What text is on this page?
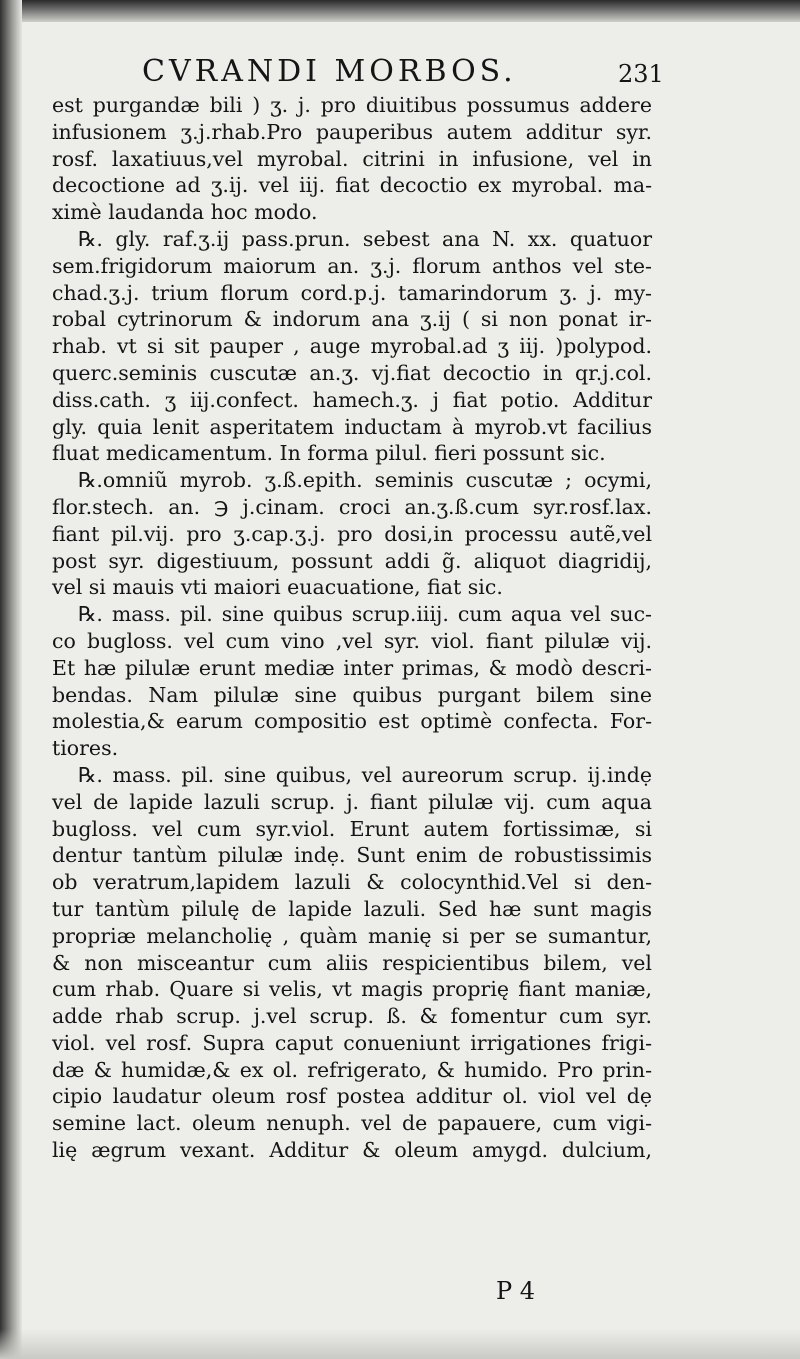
CVRANDI MORBOS.	231
est purgandæ bili ) ʒ. j. pro diuitibus possumus addere
infusionem ʒ.j.rhab.Pro pauperibus autem additur syr.
rosf. laxatiuus,vel myrobal. citrini in infusione, vel in
decoctione ad ʒ.ij. vel iij. fiat decoctio ex myrobal. ma-
ximè laudanda hoc modo.
℞. gly. raf.ʒ.ij pass.prun. sebest ana N. xx. quatuor
sem.frigidorum maiorum an. ʒ.j. florum anthos vel ste-
chad.ʒ.j. trium florum cord.p.j. tamarindorum ʒ. j. my-
robal cytrinorum & indorum ana ʒ.ij ( si non ponat ir-
rhab. vt si sit pauper , auge myrobal.ad ʒ iij. )polypod.
querc.seminis cuscutæ an.ʒ. vj.fiat decoctio in qr.j.col.
diss.cath. ʒ iij.confect. hamech.ʒ. j fiat potio. Additur
gly. quia lenit asperitatem inductam à myrob.vt facilius
fluat medicamentum. In forma pilul. fieri possunt sic.
℞.omniũ myrob. ʒ.ß.epith. seminis cuscutæ ; ocymi,
flor.stech. an. ℈ j.cinam. croci an.ʒ.ß.cum syr.rosf.lax.
fiant pil.vij. pro ʒ.cap.ʒ.j. pro dosi,in processu autẽ,vel
post syr. digestiuum, possunt addi g̃. aliquot diagridij,
vel si mauis vti maiori euacuatione, fiat sic.
℞. mass. pil. sine quibus scrup.iiij. cum aqua vel suc-
co bugloss. vel cum vino ,vel syr. viol. fiant pilulæ vij.
Et hæ pilulæ erunt mediæ inter primas, & modò descri-
bendas. Nam pilulæ sine quibus purgant bilem sine
molestia,& earum compositio est optimè confecta. For-
tiores.
℞. mass. pil. sine quibus, vel aureorum scrup. ij.indẹ
vel de lapide lazuli scrup. j. fiant pilulæ vij. cum aqua
bugloss. vel cum syr.viol. Erunt autem fortissimæ, si
dentur tantùm pilulæ indẹ. Sunt enim de robustissimis
ob veratrum,lapidem lazuli & colocynthid.Vel si den-
tur tantùm pilulę de lapide lazuli. Sed hæ sunt magis
propriæ melancholię , quàm manię si per se sumantur,
& non misceantur cum aliis respicientibus bilem, vel
cum rhab. Quare si velis, vt magis proprię fiant maniæ,
adde rhab scrup. j.vel scrup. ß. & fomentur cum syr.
viol. vel rosf. Supra caput conueniunt irrigationes frigi-
dæ & humidæ,& ex ol. refrigerato, & humido. Pro prin-
cipio laudatur oleum rosf postea additur ol. viol vel dẹ
semine lact. oleum nenuph. vel de papauere, cum vigi-
lię ægrum vexant. Additur & oleum amygd. dulcium,
P 4
